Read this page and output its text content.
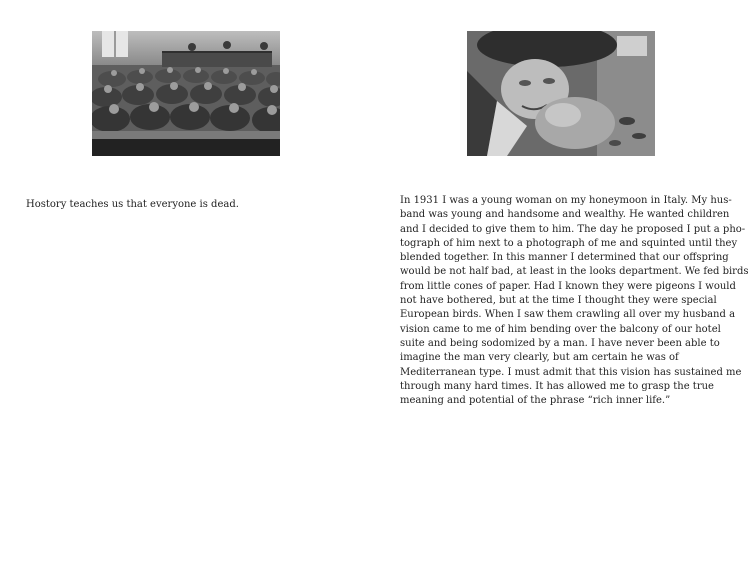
Hostory teaches us that everyone is dead.	In 1931 I was a young woman on my honeymoon in Italy. My hus-
band was young and handsome and wealthy. He wanted children
and I decided to give them to him. The day he proposed I put a pho-
tograph of him next to a photograph of me and squinted until they
blended together. In this manner I determined that our offspring
would be not half bad, at least in the looks department. We fed birds
from little cones of paper. Had I known they were pigeons I would
not have bothered, but at the time I thought they were special
European birds. When I saw them crawling all over my husband a
vision came to me of him bending over the balcony of our hotel
suite and being sodomized by a man. I have never been able to
imagine the man very clearly, but am certain he was of
Mediterranean type. I must admit that this vision has sustained me
through many hard times. It has allowed me to grasp the true
meaning and potential of the phrase “rich inner life.”
